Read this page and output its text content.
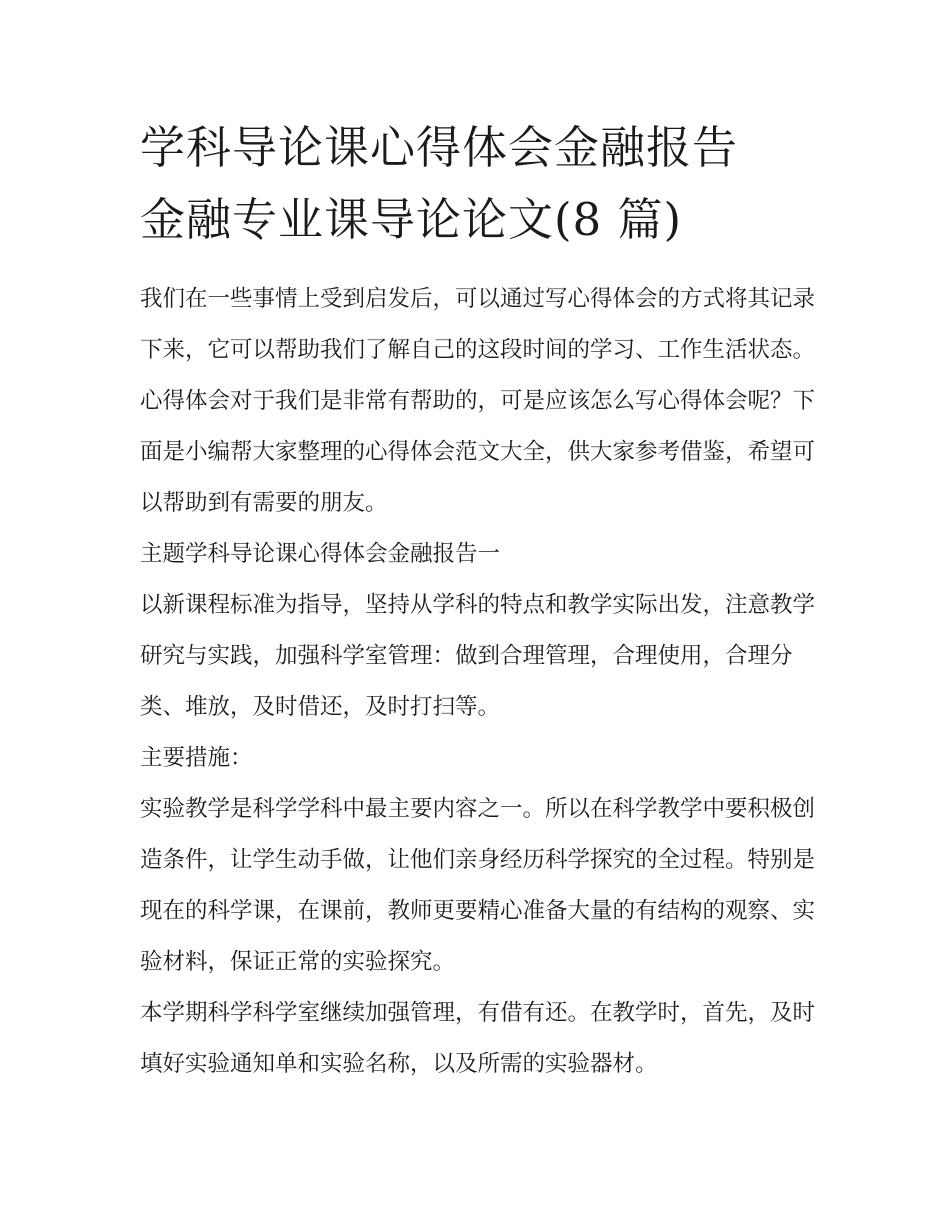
学科导论课心得体会金融报告
金融专业课导论论文(8 篇)

我们在一些事情上受到启发后，可以通过写心得体会的方式将其记录下来，它可以帮助我们了解自己的这段时间的学习、工作生活状态。心得体会对于我们是非常有帮助的，可是应该怎么写心得体会呢？下面是小编帮大家整理的心得体会范文大全，供大家参考借鉴，希望可以帮助到有需要的朋友。

主题学科导论课心得体会金融报告一

以新课程标准为指导，坚持从学科的特点和教学实际出发，注意教学研究与实践，加强科学室管理：做到合理管理，合理使用，合理分类、堆放，及时借还，及时打扫等。

主要措施：

实验教学是科学学科中最主要内容之一。所以在科学教学中要积极创造条件，让学生动手做，让他们亲身经历科学探究的全过程。特别是现在的科学课，在课前，教师更要精心准备大量的有结构的观察、实验材料，保证正常的实验探究。

本学期科学科学室继续加强管理，有借有还。在教学时，首先，及时填好实验通知单和实验名称，以及所需的实验器材。
